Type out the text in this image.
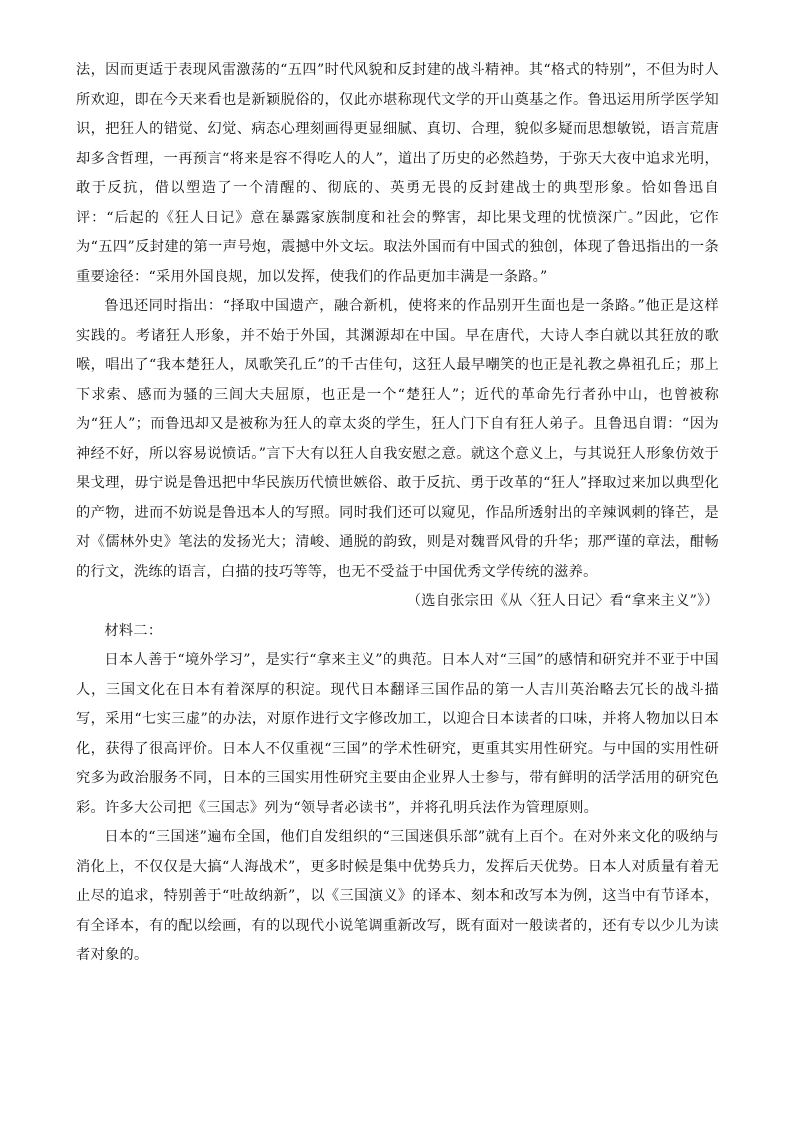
法，因而更适于表现风雷激荡的“五四”时代风貌和反封建的战斗精神。其“格式的特别”，不但为时人所欢迎，即在今天来看也是新颖脱俗的，仅此亦堪称现代文学的开山奠基之作。鲁迅运用所学医学知识，把狂人的错觉、幻觉、病态心理刻画得更显细腻、真切、合理，貌似多疑而思想敏锐，语言荒唐却多含哲理，一再预言“将来是容不得吃人的人”，道出了历史的必然趋势，于弥天大夜中追求光明，敢于反抗，借以塑造了一个清醒的、彻底的、英勇无畏的反封建战士的典型形象。恰如鲁迅自评：“后起的《狂人日记》意在暴露家族制度和社会的弊害，却比果戈理的忧愤深广。”因此，它作为“五四”反封建的第一声号炮，震撼中外文坛。取法外国而有中国式的独创，体现了鲁迅指出的一条重要途径：“采用外国良规，加以发挥，使我们的作品更加丰满是一条路。”

鲁迅还同时指出：“择取中国遗产，融合新机，使将来的作品别开生面也是一条路。”他正是这样实践的。考诸狂人形象，并不始于外国，其渊源却在中国。早在唐代，大诗人李白就以其狂放的歌喉，唱出了“我本楚狂人，凤歌笑孔丘”的千古佳句，这狂人最早嘲笑的也正是礼教之鼻祖孔丘；那上下求索、感而为骚的三闾大夫屈原，也正是一个“楚狂人”；近代的革命先行者孙中山，也曾被称为“狂人”；而鲁迅却又是被称为狂人的章太炎的学生，狂人门下自有狂人弟子。且鲁迅自谓：“因为神经不好，所以容易说愤话。”言下大有以狂人自我安慰之意。就这个意义上，与其说狂人形象仿效于果戈理，毋宁说是鲁迅把中华民族历代愤世嫉俗、敢于反抗、勇于改革的“狂人”择取过来加以典型化的产物，进而不妨说是鲁迅本人的写照。同时我们还可以窥见，作品所透射出的辛辣讽刺的锋芒，是对《儒林外史》笔法的发扬光大；清峻、通脱的韵致，则是对魏晋风骨的升华；那严谨的章法，酣畅的行文，洗练的语言，白描的技巧等等，也无不受益于中国优秀文学传统的滋养。

（选自张宗田《从〈狂人日记〉看“拿来主义”》）

材料二：

日本人善于“境外学习”，是实行“拿来主义”的典范。日本人对“三国”的感情和研究并不亚于中国人，三国文化在日本有着深厚的积淀。现代日本翻译三国作品的第一人吉川英治略去冗长的战斗描写，采用“七实三虚”的办法，对原作进行文字修改加工，以迎合日本读者的口味，并将人物加以日本化，获得了很高评价。日本人不仅重视“三国”的学术性研究，更重其实用性研究。与中国的实用性研究多为政治服务不同，日本的三国实用性研究主要由企业界人士参与，带有鲜明的活学活用的研究色彩。许多大公司把《三国志》列为“领导者必读书”，并将孔明兵法作为管理原则。

日本的“三国迷”遍布全国，他们自发组织的“三国迷俱乐部”就有上百个。在对外来文化的吸纳与消化上，不仅仅是大搞“人海战术”，更多时候是集中优势兵力，发挥后天优势。日本人对质量有着无止尽的追求，特别善于“吐故纳新”，以《三国演义》的译本、刻本和改写本为例，这当中有节译本，有全译本，有的配以绘画，有的以现代小说笔调重新改写，既有面对一般读者的，还有专以少儿为读者对象的。
